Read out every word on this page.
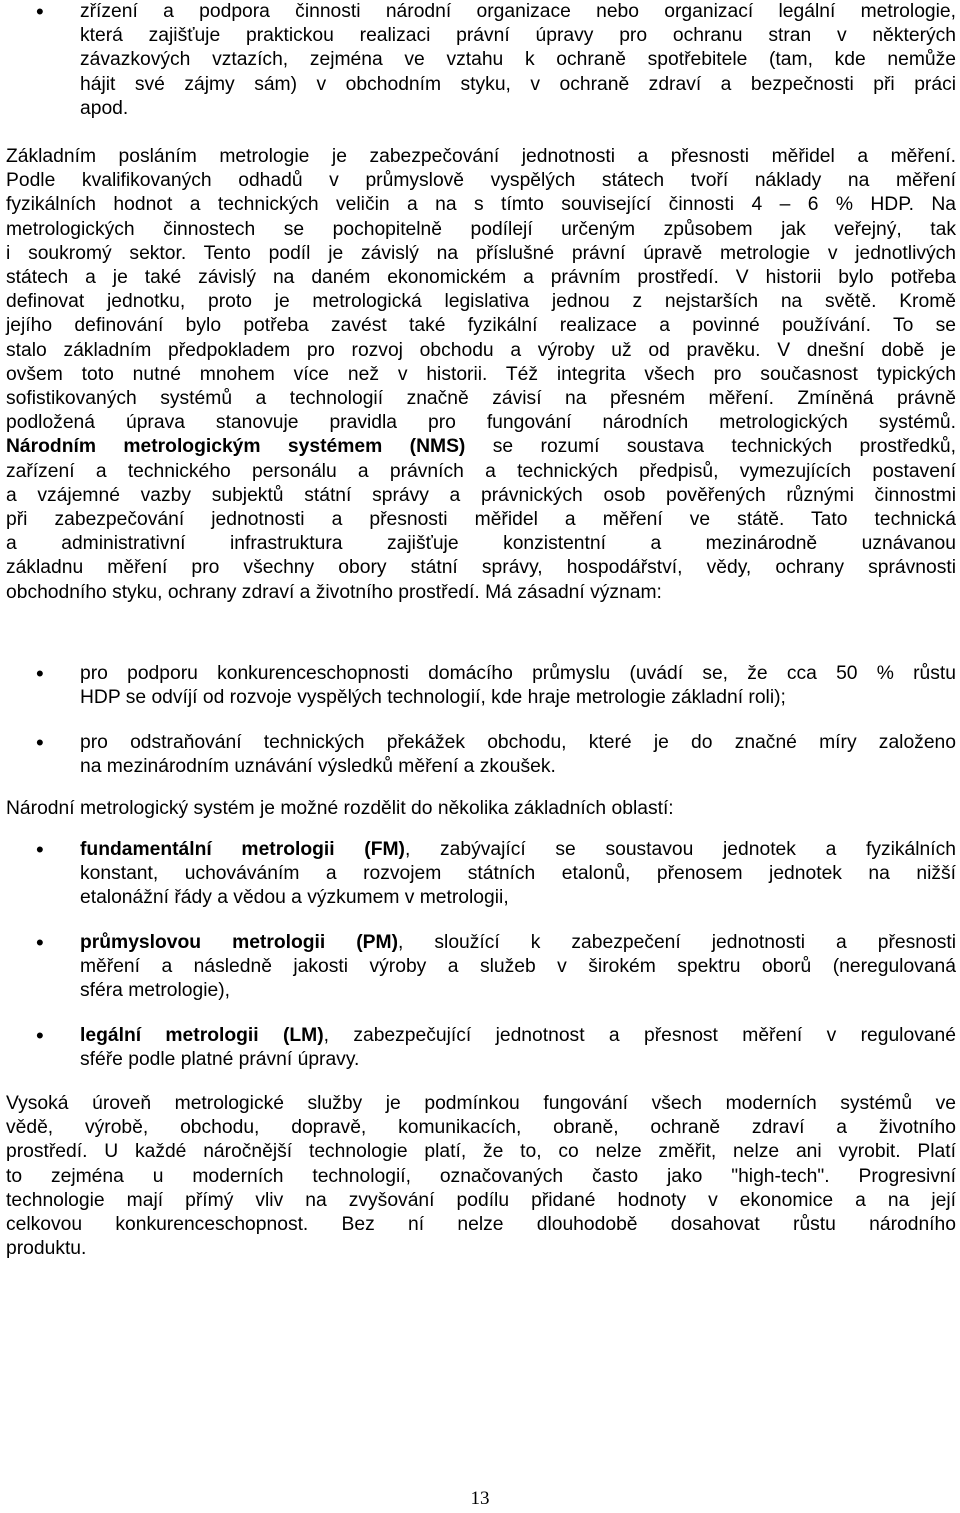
• zřízení a podpora činnosti národní organizace nebo organizací legální metrologie,
která zajišťuje praktickou realizaci právní úpravy pro ochranu stran v některých
závazkových vztazích, zejména ve vztahu k ochraně spotřebitele (tam, kde nemůže
hájit své zájmy sám) v obchodním styku, v ochraně zdraví a bezpečnosti při práci
apod.
Základním posláním metrologie je zabezpečování jednotnosti a přesnosti měřidel a měření.
Podle kvalifikovaných odhadů v průmyslově vyspělých státech tvoří náklady na měření
fyzikálních hodnot a technických veličin a na s tímto související činnosti 4 – 6 % HDP. Na
metrologických činnostech se pochopitelně podílejí určeným způsobem jak veřejný, tak
i soukromý sektor. Tento podíl je závislý na příslušné právní úpravě metrologie v jednotlivých
státech a je také závislý na daném ekonomickém a právním prostředí. V historii bylo potřeba
definovat jednotku, proto je metrologická legislativa jednou z nejstarších na světě. Kromě
jejího definování bylo potřeba zavést také fyzikální realizace a povinné používání. To se
stalo základním předpokladem pro rozvoj obchodu a výroby už od pravěku. V dnešní době je
ovšem toto nutné mnohem více než v historii. Též integrita všech pro současnost typických
sofistikovaných systémů a technologií značně závisí na přesném měření. Zmíněná právně
podložená úprava stanovuje pravidla pro fungování národních metrologických systémů.
Národním metrologickým systémem (NMS) se rozumí soustava technických prostředků,
zařízení a technického personálu a právních a technických předpisů, vymezujících postavení
a vzájemné vazby subjektů státní správy a právnických osob pověřených různými činnostmi
při zabezpečování jednotnosti a přesnosti měřidel a měření ve státě. Tato technická
a administrativní infrastruktura zajišťuje konzistentní a mezinárodně uznávanou
základnu měření pro všechny obory státní správy, hospodářství, vědy, ochrany správnosti
obchodního styku, ochrany zdraví a životního prostředí. Má zásadní význam:
• pro podporu konkurenceschopnosti domácího průmyslu (uvádí se, že cca 50 % růstu
HDP se odvíjí od rozvoje vyspělých technologií, kde hraje metrologie základní roli);
• pro odstraňování technických překážek obchodu, které je do značné míry založeno
na mezinárodním uznávání výsledků měření a zkoušek.
Národní metrologický systém je možné rozdělit do několika základních oblastí:
• fundamentální metrologii (FM), zabývající se soustavou jednotek a fyzikálních
konstant, uchováváním a rozvojem státních etalonů, přenosem jednotek na nižší
etalonážní řády a vědou a výzkumem v metrologii,
• průmyslovou metrologii (PM), sloužící k zabezpečení jednotnosti a přesnosti
měření a následně jakosti výroby a služeb v širokém spektru oborů (neregulovaná
sféra metrologie),
• legální metrologii (LM), zabezpečující jednotnost a přesnost měření v regulované
sféře podle platné právní úpravy.
Vysoká úroveň metrologické služby je podmínkou fungování všech moderních systémů ve
vědě, výrobě, obchodu, dopravě, komunikacích, obraně, ochraně zdraví a životního
prostředí. U každé náročnější technologie platí, že to, co nelze změřit, nelze ani vyrobit. Platí
to zejména u moderních technologií, označovaných často jako "high-tech". Progresivní
technologie mají přímý vliv na zvyšování podílu přidané hodnoty v ekonomice a na její
celkovou konkurenceschopnost. Bez ní nelze dlouhodobě dosahovat růstu národního
produktu.
13
